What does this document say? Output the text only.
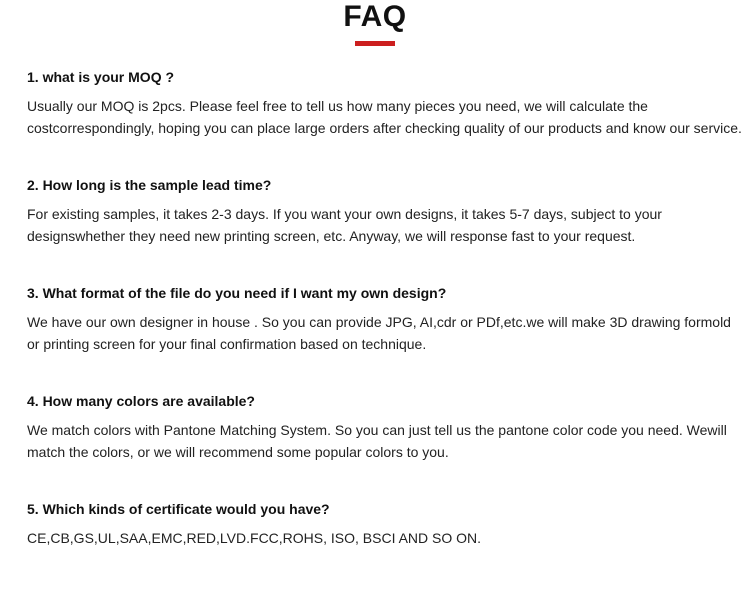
FAQ

1. what is your MOQ ?

Usually our MOQ is 2pcs. Please feel free to tell us how many pieces you need, we will calculate the costcorrespondingly, hoping you can place large orders after checking quality of our products and know our service.

2. How long is the sample lead time?

For existing samples, it takes 2-3 days. If you want your own designs, it takes 5-7 days, subject to your designswhether they need new printing screen, etc. Anyway, we will response fast to your request.

3. What format of the file do you need if I want my own design?

We have our own designer in house . So you can provide JPG, AI,cdr or PDf,etc.we will make 3D drawing formold or printing screen for your final confirmation based on technique.

4. How many colors are available?

We match colors with Pantone Matching System. So you can just tell us the pantone color code you need. Wewill match the colors, or we will recommend some popular colors to you.

5. Which kinds of certificate would you have?

CE,CB,GS,UL,SAA,EMC,RED,LVD.FCC,ROHS, ISO, BSCI AND SO ON.
